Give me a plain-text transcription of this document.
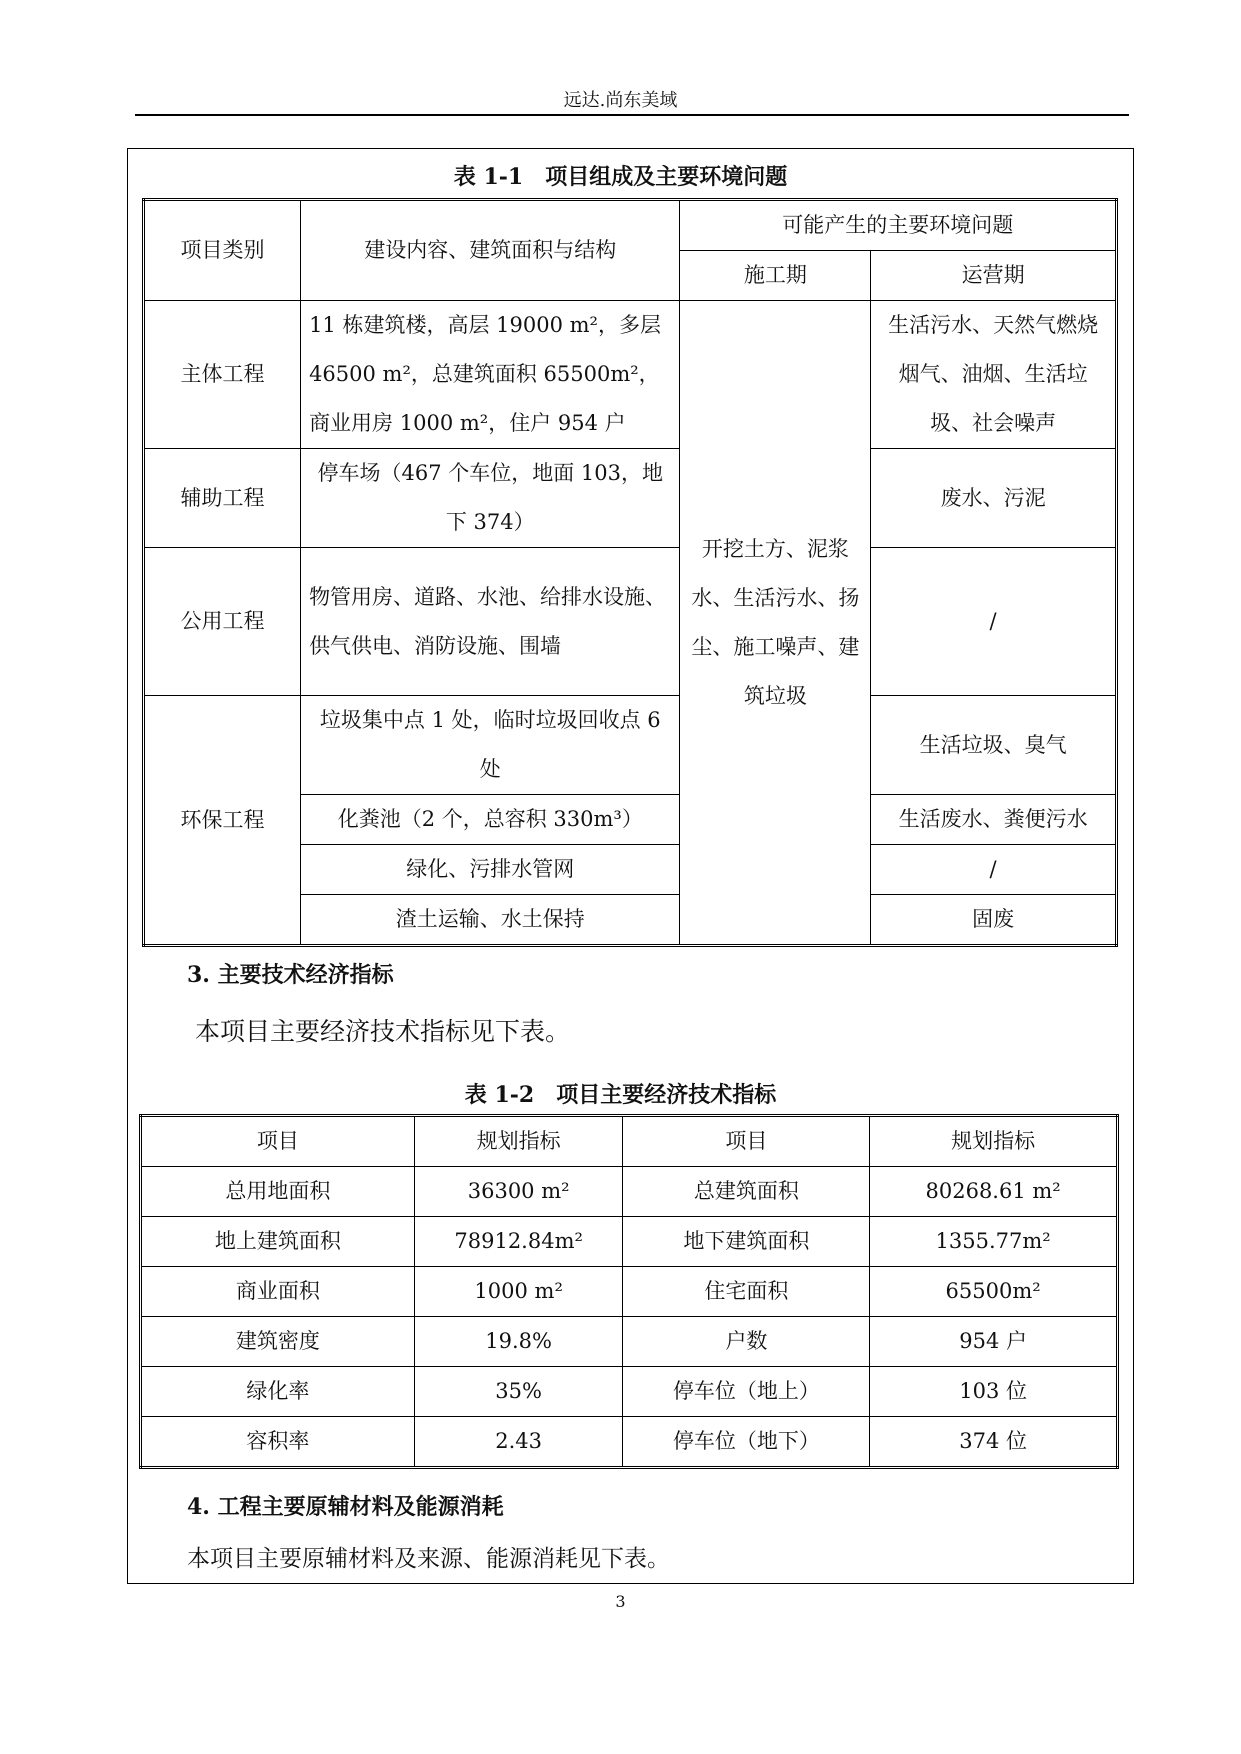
远达.尚东美域
表 1-1　项目组成及主要环境问题
项目类别	建设内容、建筑面积与结构	可能产生的主要环境问题	
		施工期	运营期
主体工程	11 栋建筑楼，高层 19000 m²，多层 46500 m²，总建筑面积 65500m²，商业用房 1000 m²，住户 954 户	开挖土方、泥浆水、生活污水、扬尘、施工噪声、建筑垃圾	生活污水、天然气燃烧烟气、油烟、生活垃圾、社会噪声
辅助工程	停车场（467 个车位，地面 103，地下 374）		废水、污泥
公用工程	物管用房、道路、水池、给排水设施、供气供电、消防设施、围墙		/
环保工程	垃圾集中点 1 处，临时垃圾回收点 6 处		生活垃圾、臭气
	化粪池（2 个，总容积 330m³）		生活废水、粪便污水
	绿化、污排水管网		/
	渣土运输、水土保持		固废
3. 主要技术经济指标
本项目主要经济技术指标见下表。
表 1-2　项目主要经济技术指标
项目	规划指标	项目	规划指标
总用地面积	36300 m²	总建筑面积	80268.61 m²
地上建筑面积	78912.84m²	地下建筑面积	1355.77m²
商业面积	1000 m²	住宅面积	65500m²
建筑密度	19.8%	户数	954 户
绿化率	35%	停车位（地上）	103 位
容积率	2.43	停车位（地下）	374 位
4. 工程主要原辅材料及能源消耗
本项目主要原辅材料及来源、能源消耗见下表。
3
